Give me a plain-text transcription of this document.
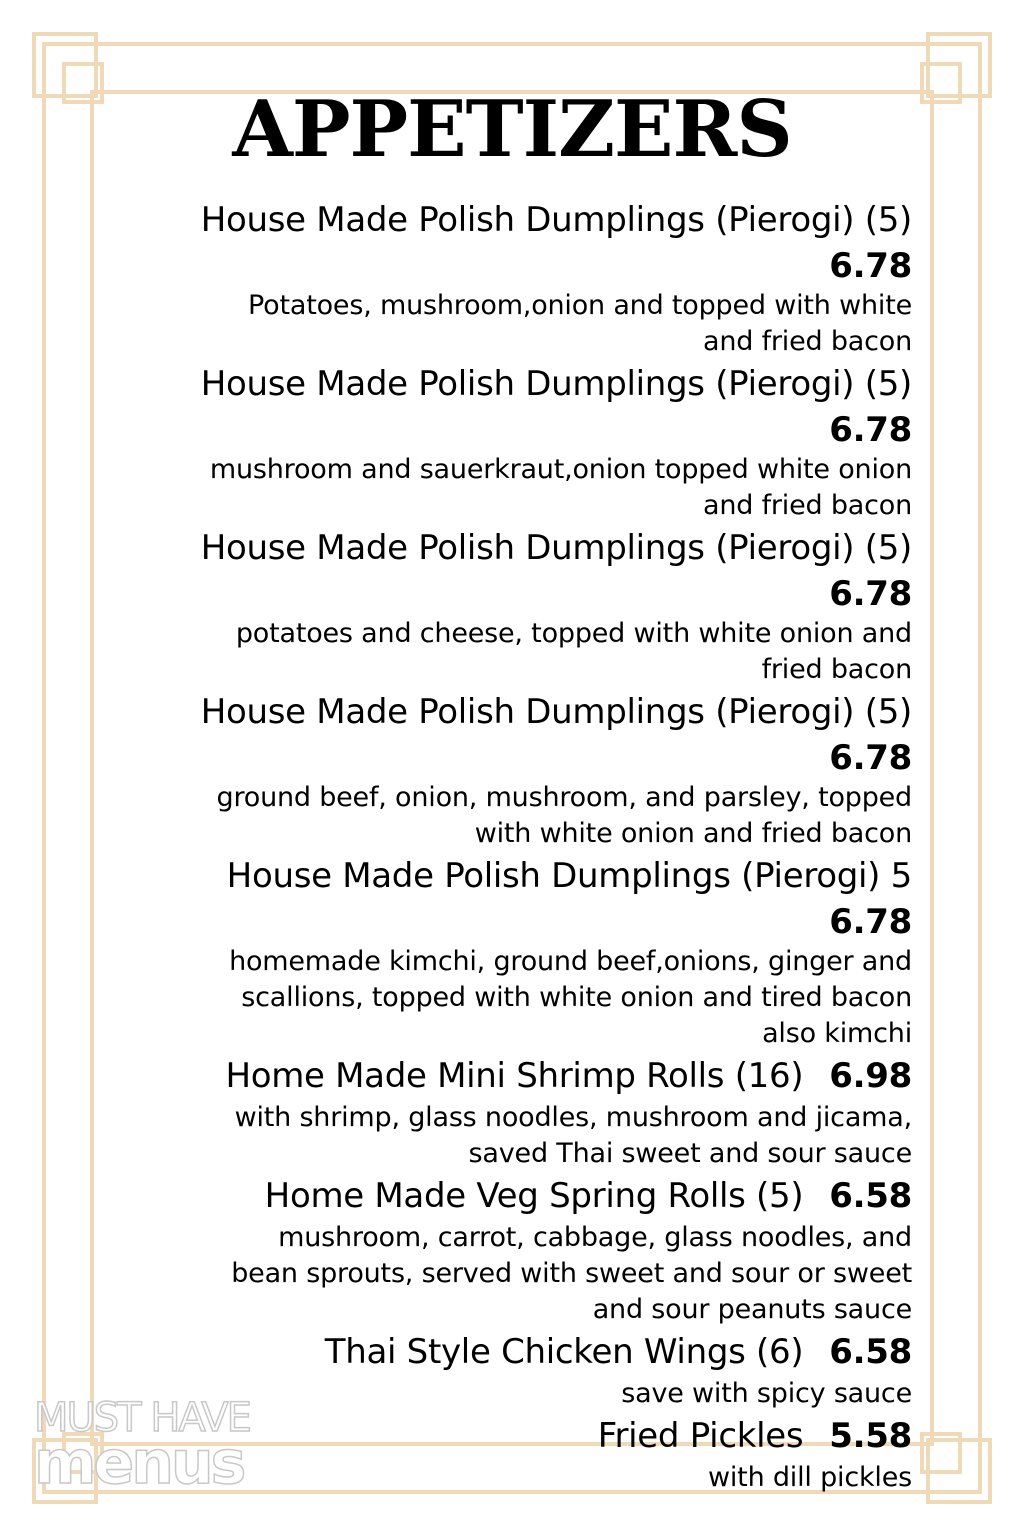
APPETIZERS
House Made Polish Dumplings (Pierogi) (5)
6.78
Potatoes, mushroom,onion and topped with white
and fried bacon
House Made Polish Dumplings (Pierogi) (5)
6.78
mushroom and sauerkraut,onion topped white onion
and fried bacon
House Made Polish Dumplings (Pierogi) (5)
6.78
potatoes and cheese, topped with white onion and
fried bacon
House Made Polish Dumplings (Pierogi) (5)
6.78
ground beef, onion, mushroom, and parsley, topped
with white onion and fried bacon
House Made Polish Dumplings (Pierogi) 5
6.78
homemade kimchi, ground beef,onions, ginger and
scallions, topped with white onion and tired bacon
also kimchi
Home Made Mini Shrimp Rolls (16) 6.98
with shrimp, glass noodles, mushroom and jicama,
saved Thai sweet and sour sauce
Home Made Veg Spring Rolls (5) 6.58
mushroom, carrot, cabbage, glass noodles, and
bean sprouts, served with sweet and sour or sweet
and sour peanuts sauce
Thai Style Chicken Wings (6) 6.58
save with spicy sauce
Fried Pickles 5.58
with dill pickles
MUST HAVE
menus
